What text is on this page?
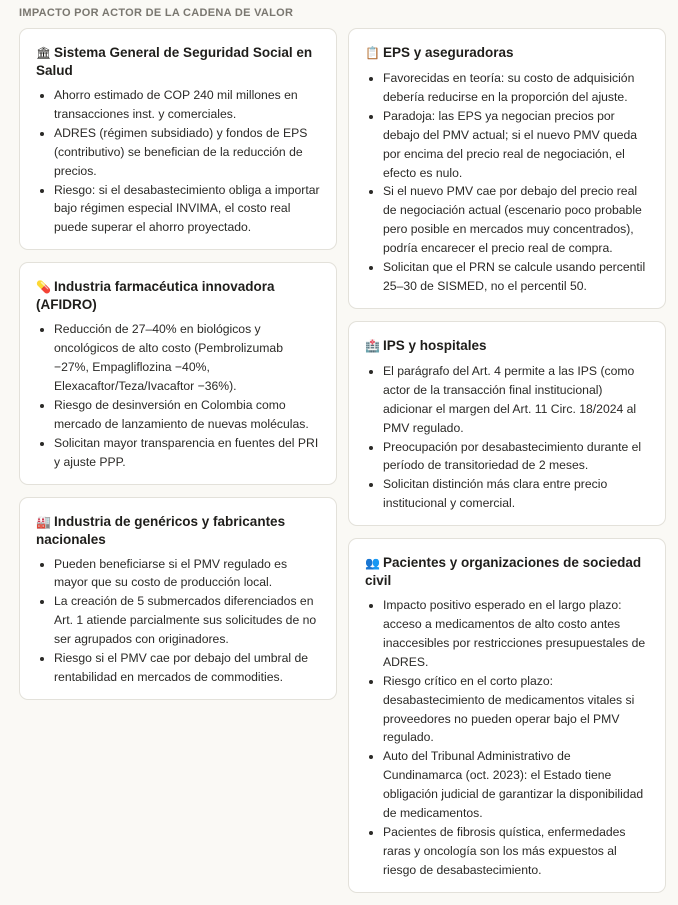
IMPACTO POR ACTOR DE LA CADENA DE VALOR
🏛 Sistema General de Seguridad Social en Salud
• Ahorro estimado de COP 240 mil millones en transacciones inst. y comerciales.
• ADRES (régimen subsidiado) y fondos de EPS (contributivo) se benefician de la reducción de precios.
• Riesgo: si el desabastecimiento obliga a importar bajo régimen especial INVIMA, el costo real puede superar el ahorro proyectado.
💊 Industria farmacéutica innovadora (AFIDRO)
• Reducción de 27–40% en biológicos y oncológicos de alto costo (Pembrolizumab −27%, Empagliflozina −40%, Elexacaftor/Teza/Ivacaftor −36%).
• Riesgo de desinversión en Colombia como mercado de lanzamiento de nuevas moléculas.
• Solicitan mayor transparencia en fuentes del PRI y ajuste PPP.
🏭 Industria de genéricos y fabricantes nacionales
• Pueden beneficiarse si el PMV regulado es mayor que su costo de producción local.
• La creación de 5 submercados diferenciados en Art. 1 atiende parcialmente sus solicitudes de no ser agrupados con originadores.
• Riesgo si el PMV cae por debajo del umbral de rentabilidad en mercados de commodities.
📋 EPS y aseguradoras
• Favorecidas en teoría: su costo de adquisición debería reducirse en la proporción del ajuste.
• Paradoja: las EPS ya negocian precios por debajo del PMV actual; si el nuevo PMV queda por encima del precio real de negociación, el efecto es nulo.
• Si el nuevo PMV cae por debajo del precio real de negociación actual (escenario poco probable pero posible en mercados muy concentrados), podría encarecer el precio real de compra.
• Solicitan que el PRN se calcule usando percentil 25–30 de SISMED, no el percentil 50.
🏥 IPS y hospitales
• El parágrafo del Art. 4 permite a las IPS (como actor de la transacción final institucional) adicionar el margen del Art. 11 Circ. 18/2024 al PMV regulado.
• Preocupación por desabastecimiento durante el período de transitoriedad de 2 meses.
• Solicitan distinción más clara entre precio institucional y comercial.
👥 Pacientes y organizaciones de sociedad civil
• Impacto positivo esperado en el largo plazo: acceso a medicamentos de alto costo antes inaccesibles por restricciones presupuestales de ADRES.
• Riesgo crítico en el corto plazo: desabastecimiento de medicamentos vitales si proveedores no pueden operar bajo el PMV regulado.
• Auto del Tribunal Administrativo de Cundinamarca (oct. 2023): el Estado tiene obligación judicial de garantizar la disponibilidad de medicamentos.
• Pacientes de fibrosis quística, enfermedades raras y oncología son los más expuestos al riesgo de desabastecimiento.
